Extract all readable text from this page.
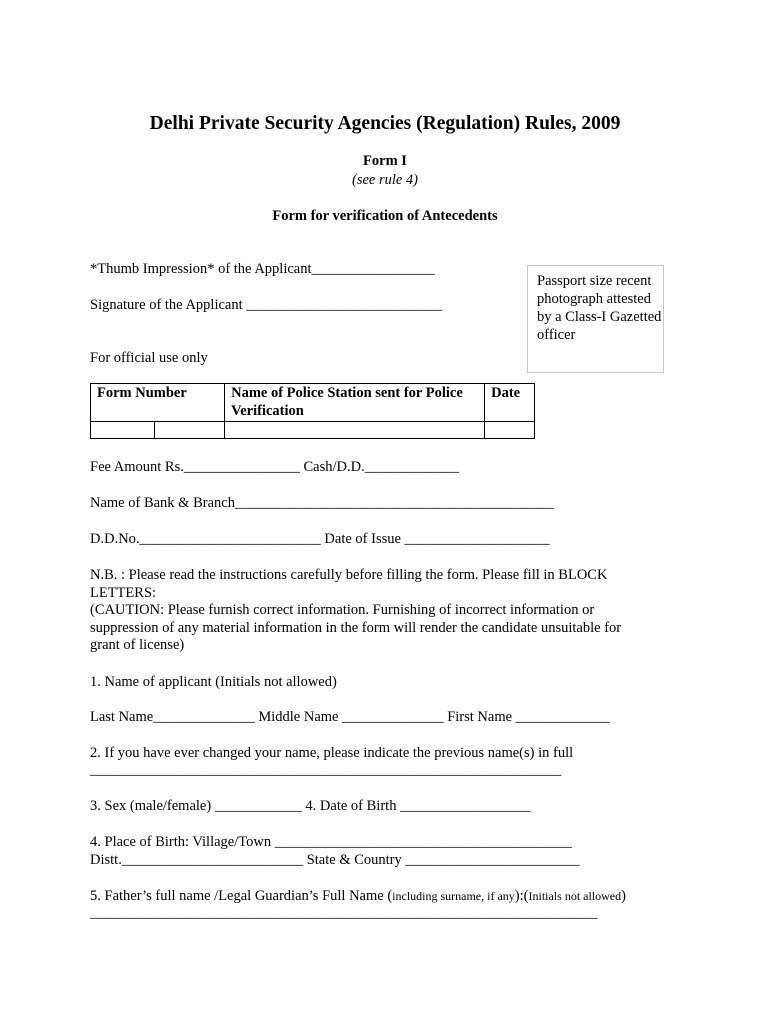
Delhi Private Security Agencies (Regulation) Rules, 2009
Form I
(see rule 4)
Form for verification of Antecedents
*Thumb Impression* of the Applicant_________________
Signature of the Applicant ___________________________
Passport size recent photograph attested by a Class-I Gazetted officer
For official use only
Form Number		Name of Police Station sent for Police Verification	Date

Fee Amount Rs.________________ Cash/D.D._____________
Name of Bank & Branch____________________________________________
D.D.No._________________________ Date of Issue ____________________
N.B. : Please read the instructions carefully before filling the form. Please fill in BLOCK LETTERS:
(CAUTION: Please furnish correct information. Furnishing of incorrect information or suppression of any material information in the form will render the candidate unsuitable for grant of license)
1. Name of applicant (Initials not allowed)
Last Name______________ Middle Name ______________ First Name _____________
2. If you have ever changed your name, please indicate the previous name(s) in full
_________________________________________________________________
3. Sex (male/female) ____________ 4. Date of Birth __________________
4. Place of Birth: Village/Town _________________________________________
Distt._________________________ State & Country ________________________
5. Father’s full name /Legal Guardian’s Full Name (including surname, if any):(Initials not allowed)
______________________________________________________________________
